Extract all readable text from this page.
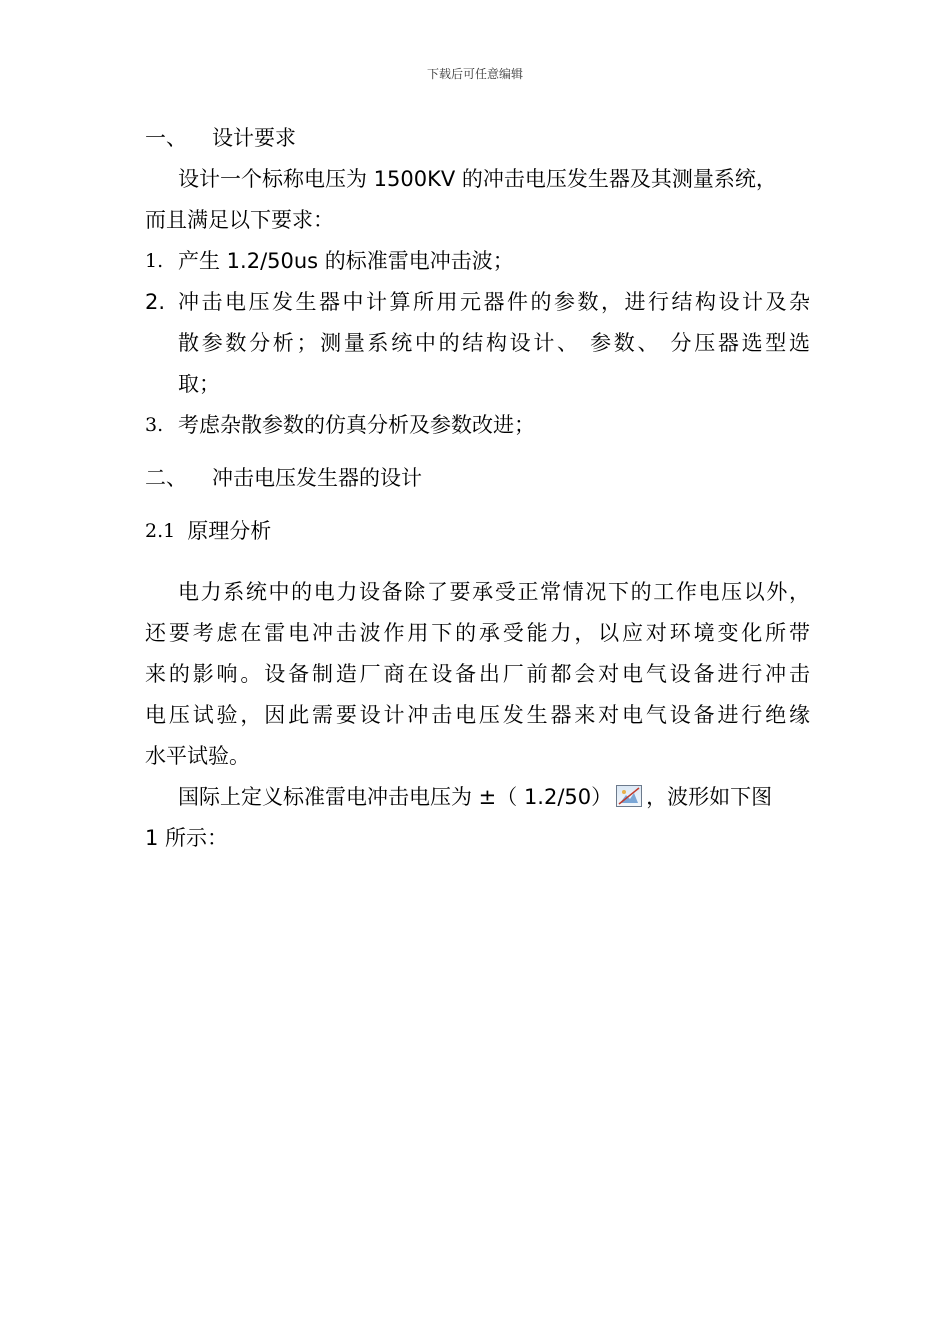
下载后可任意编辑
一、	设计要求
设计一个标称电压为 1500KV 的冲击电压发生器及其测量系统，
而且满足以下要求：
1. 产生 1.2/50us 的标准雷电冲击波；
2. 冲击电压发生器中计算所用元器件的参数，进行结构设计及杂
散参数分析；测量系统中的结构设计、 参数、 分压器选型选
取；
3. 考虑杂散参数的仿真分析及参数改进；
二、	冲击电压发生器的设计
2.1 原理分析
电力系统中的电力设备除了要承受正常情况下的工作电压以外，
还要考虑在雷电冲击波作用下的承受能力，以应对环境变化所带
来的影响。设备制造厂商在设备出厂前都会对电气设备进行冲击
电压试验，因此需要设计冲击电压发生器来对电气设备进行绝缘
水平试验。
国际上定义标准雷电冲击电压为 ±（ 1.2/50） ，波形如下图
1 所示：
